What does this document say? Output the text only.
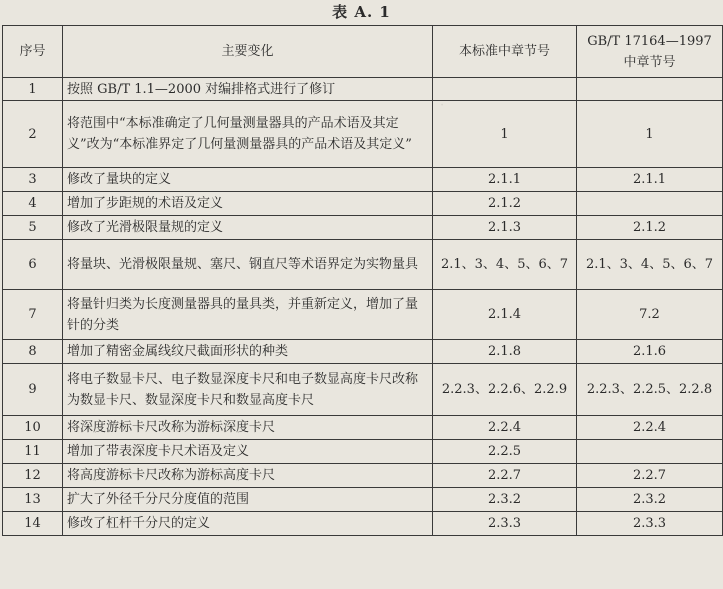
·
表 A. 1
序号	主要变化	本标准中章节号	GB/T 17164—1997
中章节号

1	按照 GB/T 1.1—2000 对编排格式进行了修订		
2	将范围中“本标准确定了几何量测量器具的产品术语及其定义”改为“本标准界定了几何量测量器具的产品术语及其定义”	1	1
3	修改了量块的定义	2.1.1	2.1.1
4	增加了步距规的术语及定义	2.1.2	
5	修改了光滑极限量规的定义	2.1.3	2.1.2
6	将量块、光滑极限量规、塞尺、钢直尺等术语界定为实物量具	2.1、3、4、5、6、7	2.1、3、4、5、6、7
7	将量针归类为长度测量器具的量具类，并重新定义，增加了量针的分类	2.1.4	7.2
8	增加了精密金属线纹尺截面形状的种类	2.1.8	2.1.6
9	将电子数显卡尺、电子数显深度卡尺和电子数显高度卡尺改称为数显卡尺、数显深度卡尺和数显高度卡尺	2.2.3、2.2.6、2.2.9	2.2.3、2.2.5、2.2.8
10	将深度游标卡尺改称为游标深度卡尺	2.2.4	2.2.4
11	增加了带表深度卡尺术语及定义	2.2.5	
12	将高度游标卡尺改称为游标高度卡尺	2.2.7	2.2.7
13	扩大了外径千分尺分度值的范围	2.3.2	2.3.2
14	修改了杠杆千分尺的定义	2.3.3	2.3.3
